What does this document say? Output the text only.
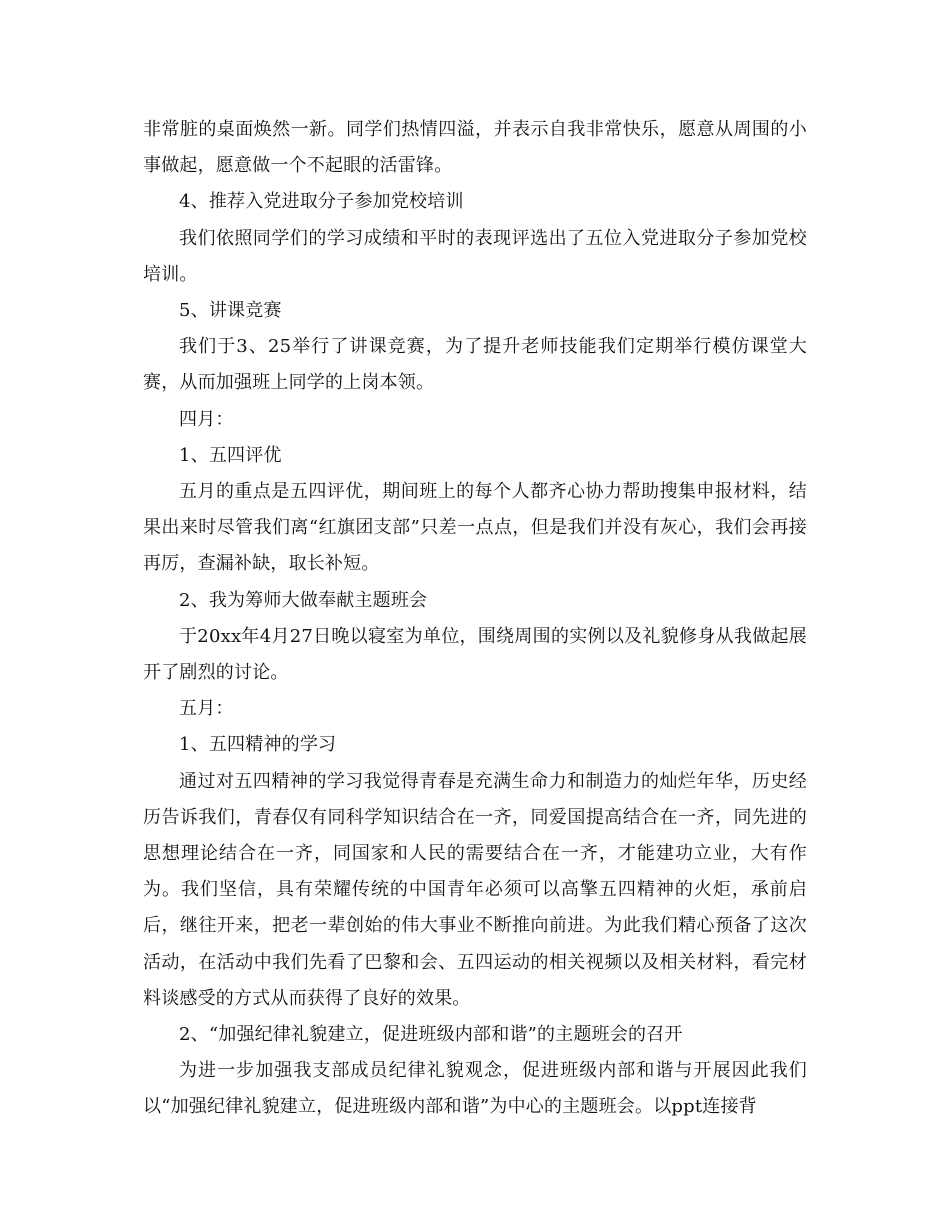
非常脏的桌面焕然一新。同学们热情四溢，并表示自我非常快乐，愿意从周围的小事做起，愿意做一个不起眼的活雷锋。

4、推荐入党进取分子参加党校培训

我们依照同学们的学习成绩和平时的表现评选出了五位入党进取分子参加党校培训。

5、讲课竞赛

我们于3、25举行了讲课竞赛，为了提升老师技能我们定期举行模仿课堂大赛，从而加强班上同学的上岗本领。

四月：

1、五四评优

五月的重点是五四评优，期间班上的每个人都齐心协力帮助搜集申报材料，结果出来时尽管我们离“红旗团支部”只差一点点，但是我们并没有灰心，我们会再接再厉，查漏补缺，取长补短。

2、我为筹师大做奉献主题班会

于20xx年4月27日晚以寝室为单位，围绕周围的实例以及礼貌修身从我做起展开了剧烈的讨论。

五月：

1、五四精神的学习

通过对五四精神的学习我觉得青春是充满生命力和制造力的灿烂年华，历史经历告诉我们，青春仅有同科学知识结合在一齐，同爱国提高结合在一齐，同先进的思想理论结合在一齐，同国家和人民的需要结合在一齐，才能建功立业，大有作为。我们坚信，具有荣耀传统的中国青年必须可以高擎五四精神的火炬，承前启后，继往开来，把老一辈创始的伟大事业不断推向前进。为此我们精心预备了这次活动，在活动中我们先看了巴黎和会、五四运动的相关视频以及相关材料，看完材料谈感受的方式从而获得了良好的效果。

2、“加强纪律礼貌建立，促进班级内部和谐”的主题班会的召开

为进一步加强我支部成员纪律礼貌观念，促进班级内部和谐与开展因此我们以“加强纪律礼貌建立，促进班级内部和谐”为中心的主题班会。以ppt连接背
